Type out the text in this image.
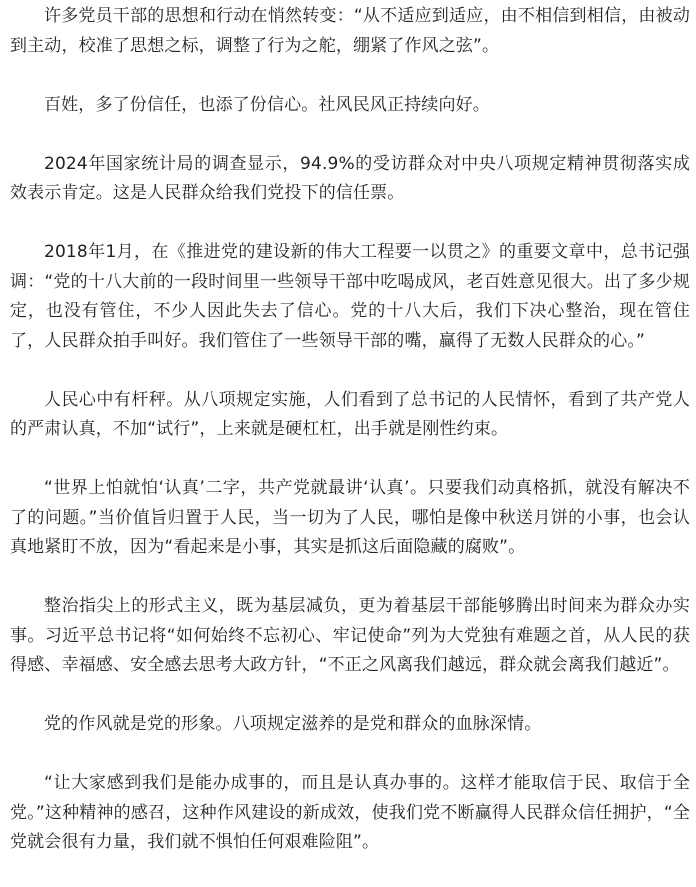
许多党员干部的思想和行动在悄然转变：“从不适应到适应，由不相信到相信，由被动到主动，校准了思想之标，调整了行为之舵，绷紧了作风之弦”。

百姓，多了份信任，也添了份信心。社风民风正持续向好。

2024年国家统计局的调查显示，94.9%的受访群众对中央八项规定精神贯彻落实成效表示肯定。这是人民群众给我们党投下的信任票。

2018年1月，在《推进党的建设新的伟大工程要一以贯之》的重要文章中，总书记强调：“党的十八大前的一段时间里一些领导干部中吃喝成风，老百姓意见很大。出了多少规定，也没有管住，不少人因此失去了信心。党的十八大后，我们下决心整治，现在管住了，人民群众拍手叫好。我们管住了一些领导干部的嘴，赢得了无数人民群众的心。”

人民心中有杆秤。从八项规定实施，人们看到了总书记的人民情怀，看到了共产党人的严肃认真，不加“试行”，上来就是硬杠杠，出手就是刚性约束。

“世界上怕就怕‘认真’二字，共产党就最讲‘认真’。只要我们动真格抓，就没有解决不了的问题。”当价值旨归置于人民，当一切为了人民，哪怕是像中秋送月饼的小事，也会认真地紧盯不放，因为“看起来是小事，其实是抓这后面隐藏的腐败”。

整治指尖上的形式主义，既为基层减负，更为着基层干部能够腾出时间来为群众办实事。习近平总书记将“如何始终不忘初心、牢记使命”列为大党独有难题之首，从人民的获得感、幸福感、安全感去思考大政方针，“不正之风离我们越远，群众就会离我们越近”。

党的作风就是党的形象。八项规定滋养的是党和群众的血脉深情。

“让大家感到我们是能办成事的，而且是认真办事的。这样才能取信于民、取信于全党。”这种精神的感召，这种作风建设的新成效，使我们党不断赢得人民群众信任拥护，“全党就会很有力量，我们就不惧怕任何艰难险阻”。
